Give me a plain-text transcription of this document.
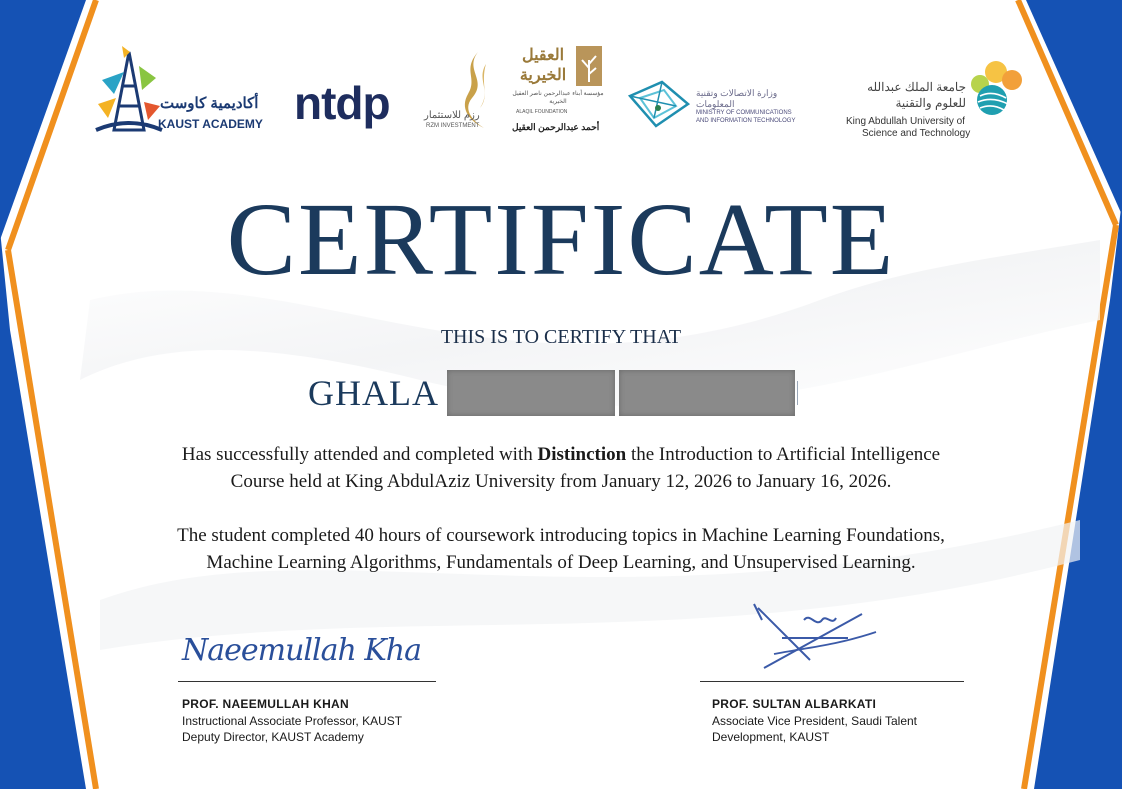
أكاديمية كاوست
KAUST ACADEMY ntdp	رزم للاستثمار
RZM INVESTMENT
العقيل الخيرية
مؤسسة أبناء عبدالرحمن ناصر العقيل الخيرية
ALAQIL FOUNDATION
أحمد عبدالرحمن العقيل
وزارة الاتصالات وتقنية المعلومات
MINISTRY OF COMMUNICATIONS
AND INFORMATION TECHNOLOGY
جامعة الملك عبدالله
للعلوم والتقنية
King Abdullah University of
Science and Technology
CERTIFICATE
THIS IS TO CERTIFY THAT
GHALA
Has successfully attended and completed with Distinction the Introduction to Artificial Intelligence
Course held at King AbdulAziz University from January 12, 2026 to January 16, 2026.
The student completed 40 hours of coursework introducing topics in Machine Learning Foundations,
Machine Learning Algorithms, Fundamentals of Deep Learning, and Unsupervised Learning.
Naeemullah Kha
PROF. NAEEMULLAH KHAN
Instructional Associate Professor, KAUST
Deputy Director, KAUST Academy
PROF. SULTAN ALBARKATI
Associate Vice President, Saudi Talent
Development, KAUST
